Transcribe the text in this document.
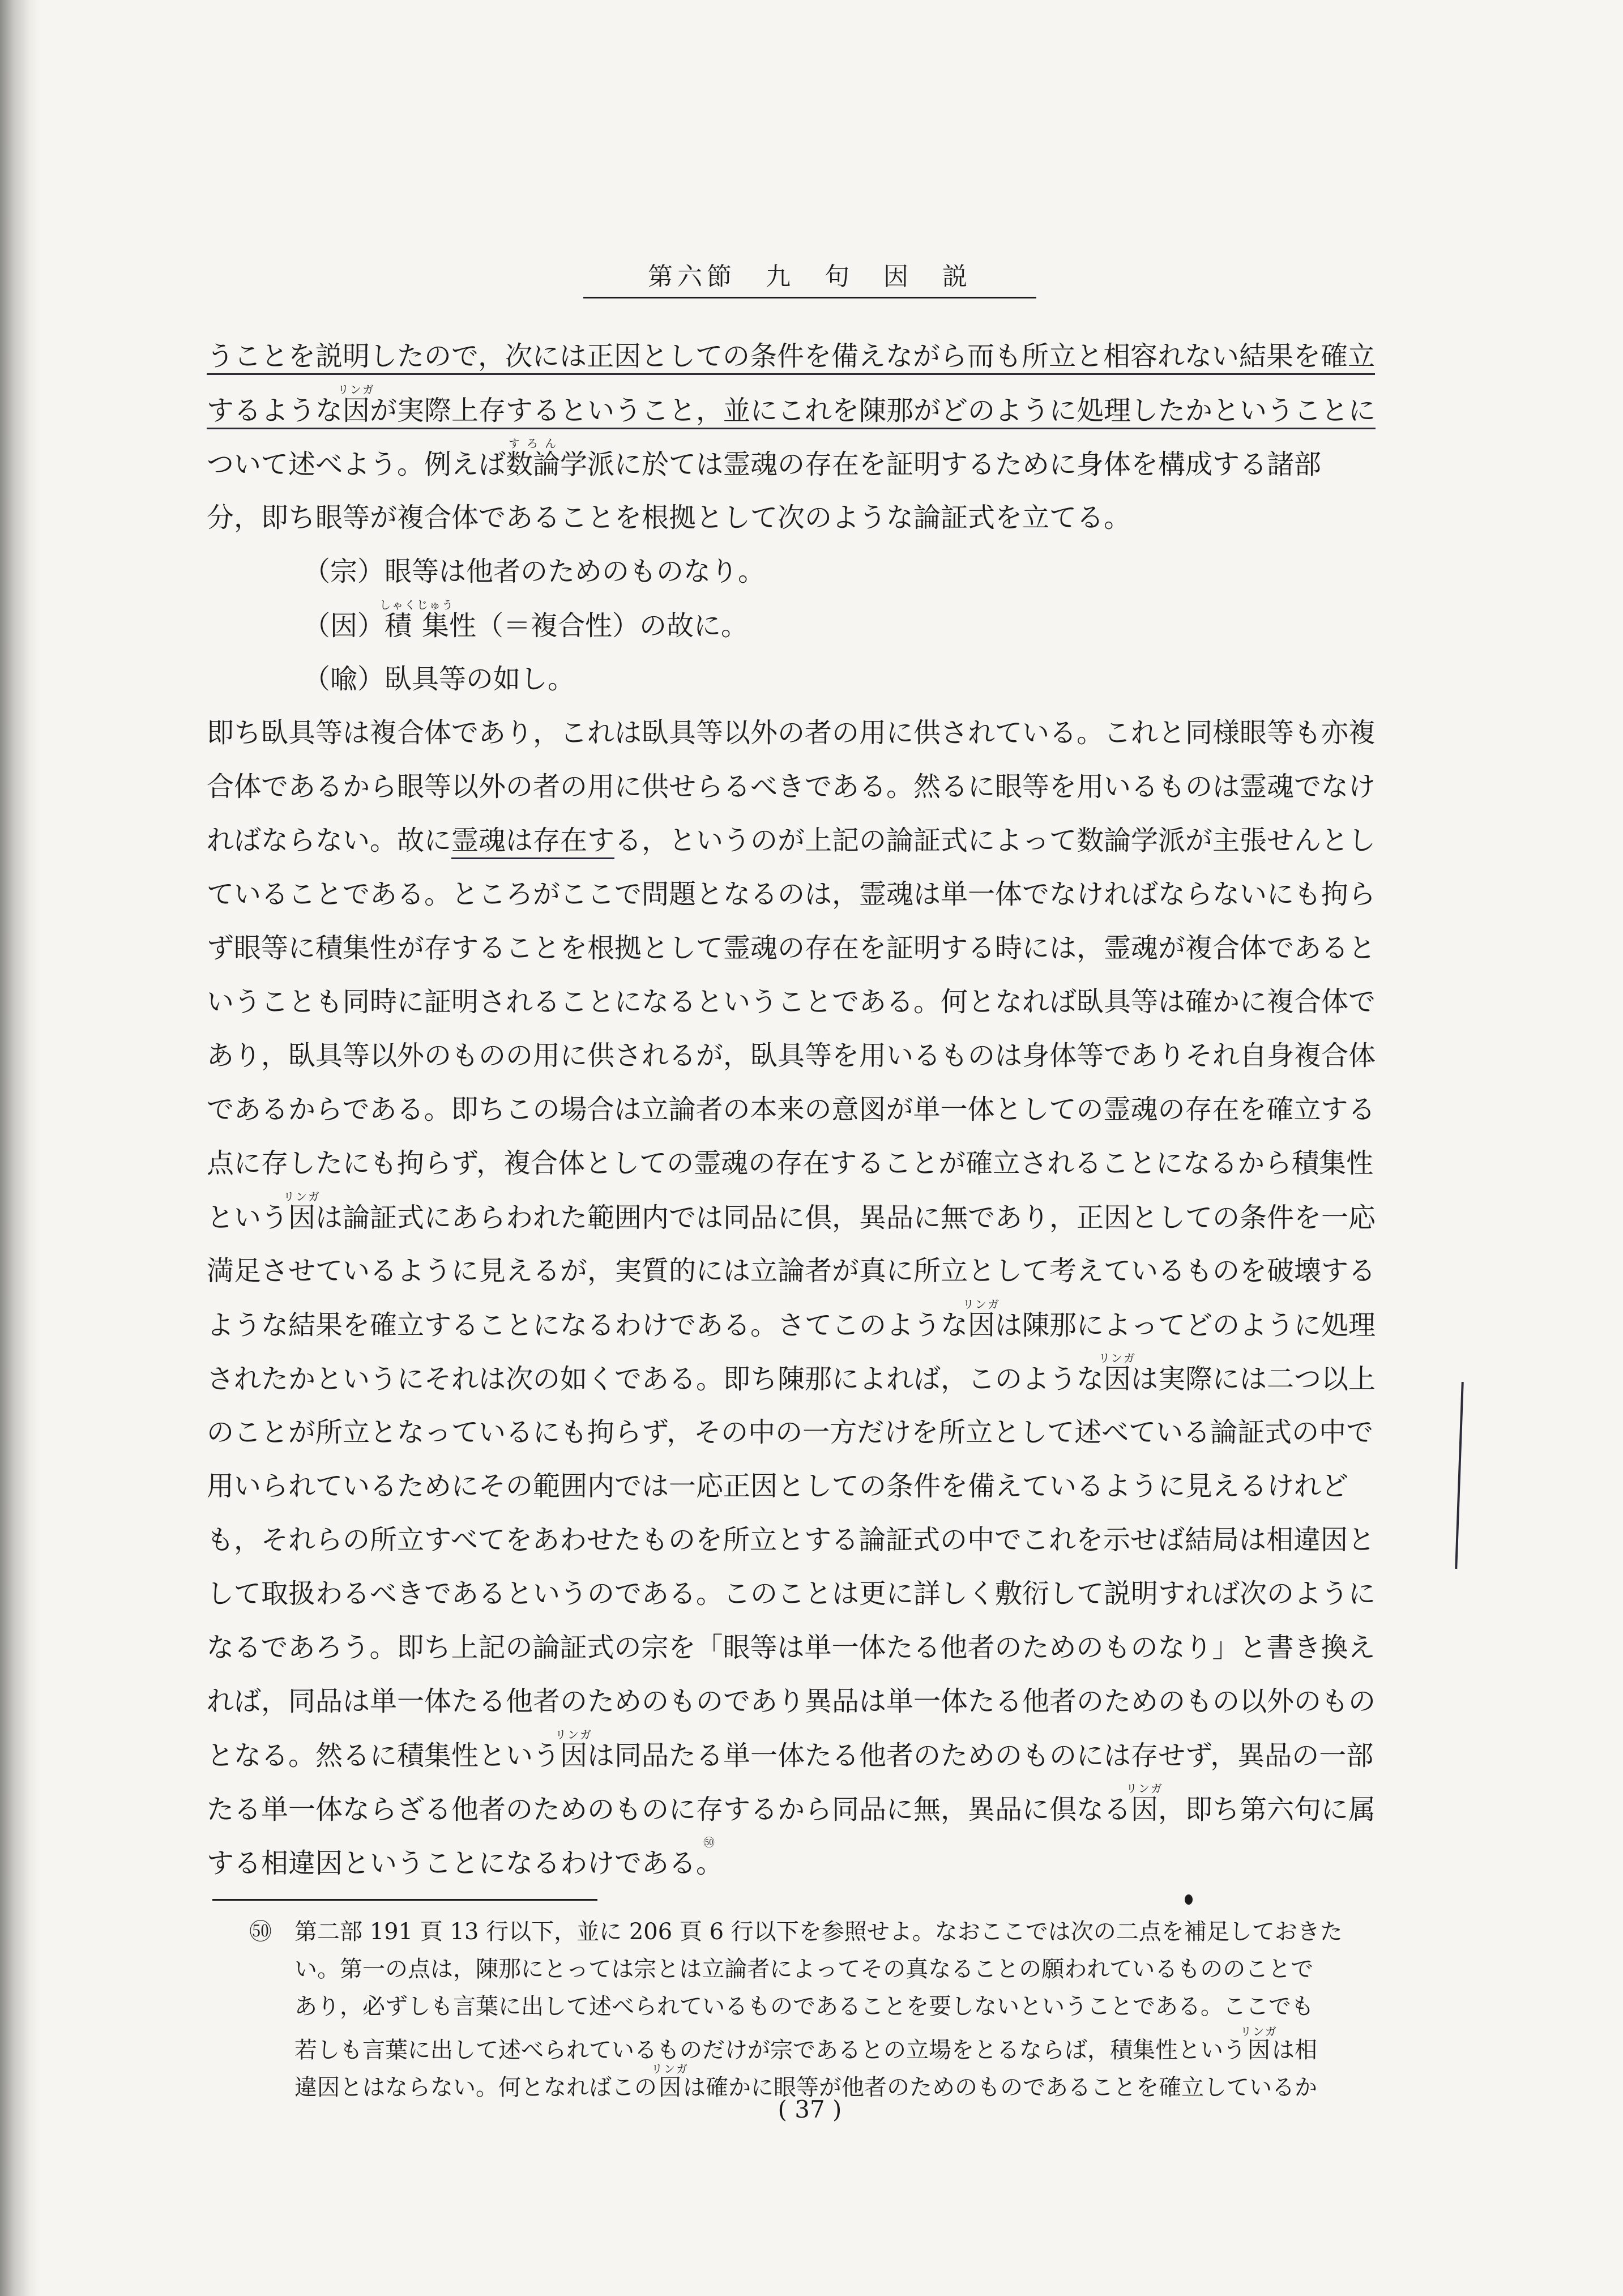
第六節　九　句　因　説
うことを説明したので，次には正因としての条件を備えながら而も所立と相容れない結果を確立
するような因リンガが実際上存するということ，並にこれを陳那がどのように処理したかということに
ついて述べよう。例えば数論すろん学派に於ては霊魂の存在を証明するために身体を構成する諸部
分，即ち眼等が複合体であることを根拠として次のような論証式を立てる。
（宗）眼等は他者のためのものなり。
（因）積集しゃくじゅう性（＝複合性）の故に。
（喩）臥具等の如し。
即ち臥具等は複合体であり，これは臥具等以外の者の用に供されている。これと同様眼等も亦複
合体であるから眼等以外の者の用に供せらるべきである。然るに眼等を用いるものは霊魂でなけ
ればならない。故に霊魂は存在する，というのが上記の論証式によって数論学派が主張せんとし
ていることである。ところがここで問題となるのは，霊魂は単一体でなければならないにも拘ら
ず眼等に積集性が存することを根拠として霊魂の存在を証明する時には，霊魂が複合体であると
いうことも同時に証明されることになるということである。何となれば臥具等は確かに複合体で
あり，臥具等以外のものの用に供されるが，臥具等を用いるものは身体等でありそれ自身複合体
であるからである。即ちこの場合は立論者の本来の意図が単一体としての霊魂の存在を確立する
点に存したにも拘らず，複合体としての霊魂の存在することが確立されることになるから積集性
という因リンガは論証式にあらわれた範囲内では同品に倶，異品に無であり，正因としての条件を一応
満足させているように見えるが，実質的には立論者が真に所立として考えているものを破壊する
ような結果を確立することになるわけである。さてこのような因リンガは陳那によってどのように処理
されたかというにそれは次の如くである。即ち陳那によれば，このような因リンガは実際には二つ以上
のことが所立となっているにも拘らず，その中の一方だけを所立として述べている論証式の中で
用いられているためにその範囲内では一応正因としての条件を備えているように見えるけれど
も，それらの所立すべてをあわせたものを所立とする論証式の中でこれを示せば結局は相違因と
して取扱わるべきであるというのである。このことは更に詳しく敷衍して説明すれば次のように
なるであろう。即ち上記の論証式の宗を「眼等は単一体たる他者のためのものなり」と書き換え
れば，同品は単一体たる他者のためのものであり異品は単一体たる他者のためのもの以外のもの
となる。然るに積集性という因リンガは同品たる単一体たる他者のためのものには存せず，異品の一部
たる単一体ならざる他者のためのものに存するから同品に無，異品に倶なる因リンガ，即ち第六句に属
する相違因ということになるわけである。㊿
㊿ 第二部 191 頁 13 行以下，並に 206 頁 6 行以下を参照せよ。なおここでは次の二点を補足しておきた
い。第一の点は，陳那にとっては宗とは立論者によってその真なることの願われているもののことで
あり，必ずしも言葉に出して述べられているものであることを要しないということである。ここでも
若しも言葉に出して述べられているものだけが宗であるとの立場をとるならば，積集性という因リンガは相
違因とはならない。何となればこの因リンガは確かに眼等が他者のためのものであることを確立しているか
( 37 )
